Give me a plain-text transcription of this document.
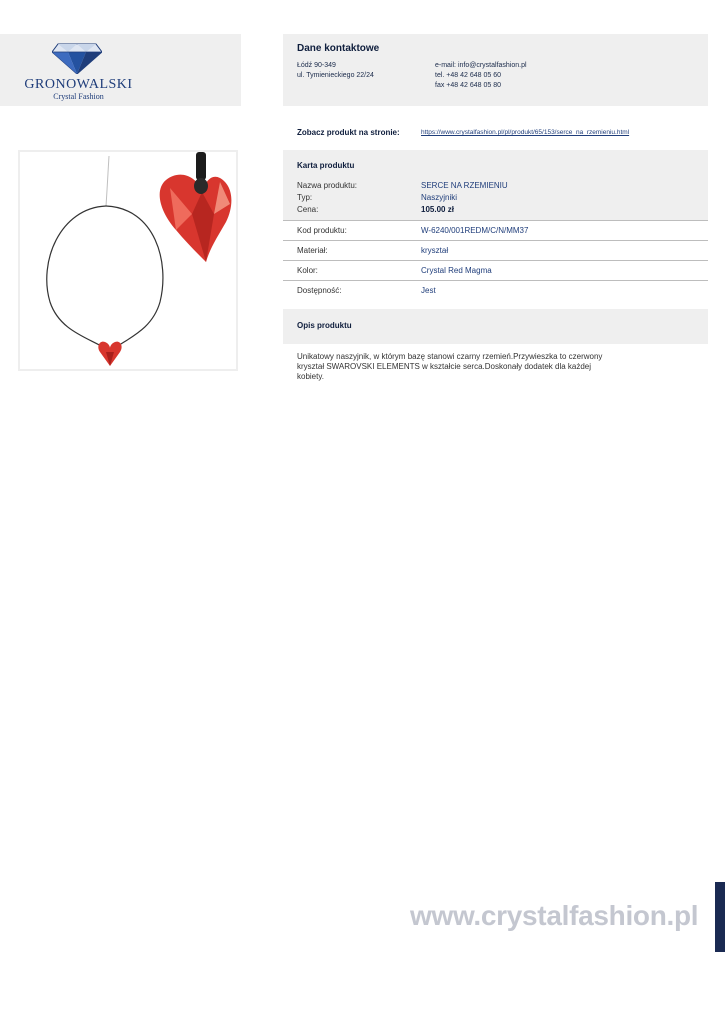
GRONOWALSKI
Crystal Fashion
Dane kontaktowe
Łódź 90-349
ul. Tymienieckiego 22/24
e-mail: info@crystalfashion.pl
tel. +48 42 648 05 60
fax +48 42 648 05 80
Zobacz produkt na stronie:	https://www.crystalfashion.pl/pl/produkt/65/153/serce_na_rzemieniu.html
Karta produktu
Nazwa produktu:	SERCE NA RZEMIENIU
Typ:	Naszyjniki
Cena:	105.00 zł
Kod produktu:	W-6240/001REDM/C/N/MM37
Materiał:	kryształ
Kolor:	Crystal Red Magma
Dostępność:	Jest
Opis produktu
Unikatowy naszyjnik, w którym bazę stanowi czarny rzemień.Przywieszka to czerwony kryształ SWAROVSKI ELEMENTS w kształcie serca.Doskonały dodatek dla każdej kobiety.
www.crystalfashion.pl
